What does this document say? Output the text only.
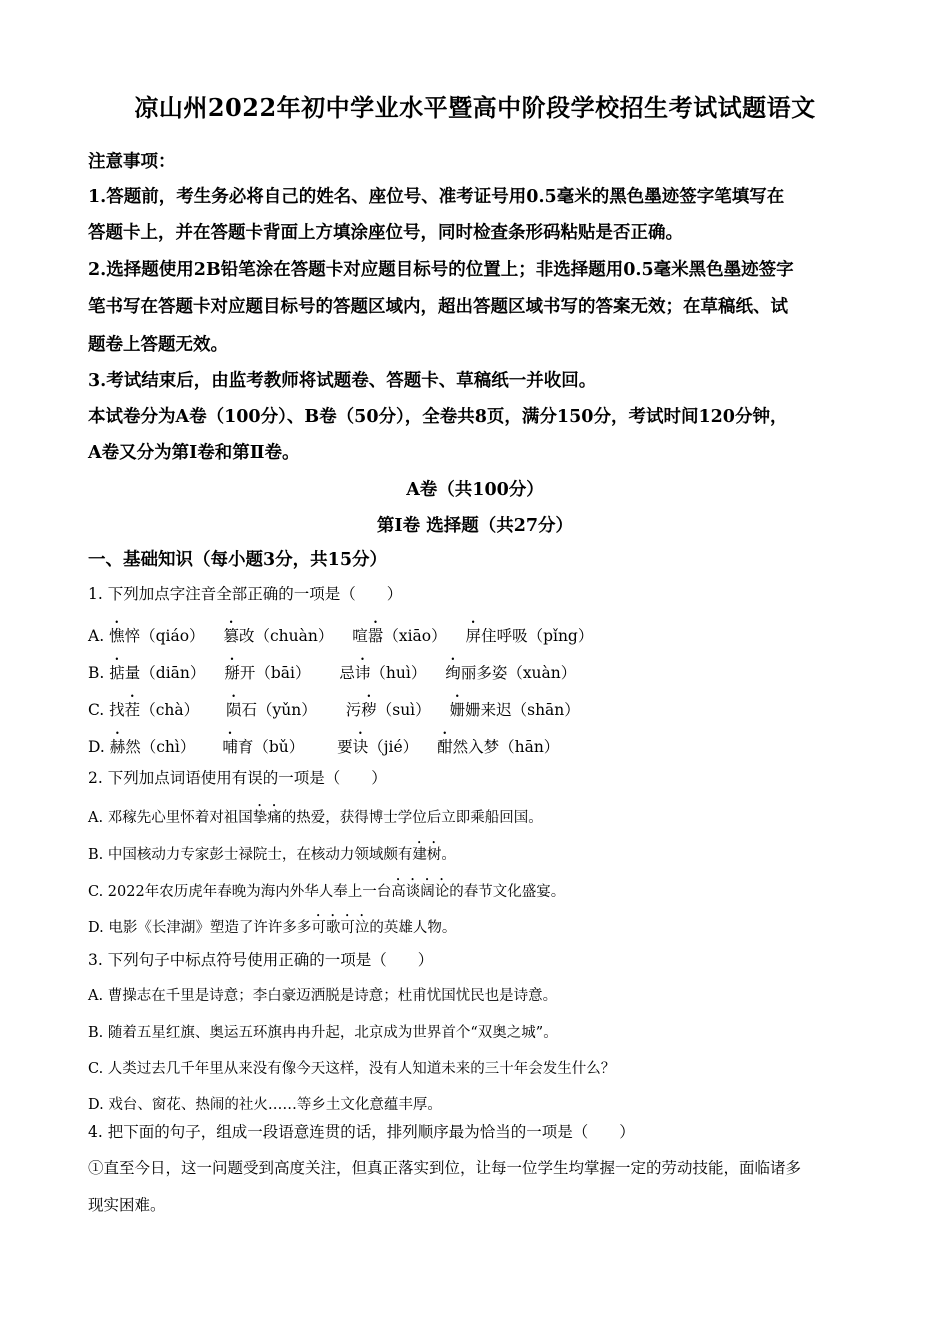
凉山州2022年初中学业水平暨高中阶段学校招生考试试题语文
注意事项：
1.答题前，考生务必将自己的姓名、座位号、准考证号用0.5毫米的黑色墨迹签字笔填写在
答题卡上，并在答题卡背面上方填涂座位号，同时检查条形码粘贴是否正确。
2.选择题使用2B铅笔涂在答题卡对应题目标号的位置上；非选择题用0.5毫米黑色墨迹签字
笔书写在答题卡对应题目标号的答题区域内，超出答题区域书写的答案无效；在草稿纸、试
题卷上答题无效。
3.考试结束后，由监考教师将试题卷、答题卡、草稿纸一并收回。
本试卷分为A卷（100分）、B卷（50分），全卷共8页，满分150分，考试时间120分钟，
A卷又分为第Ⅰ卷和第Ⅱ卷。
A卷（共100分）
第Ⅰ卷 选择题（共27分）
一、基础知识（每小题3分，共15分）
1. 下列加点字注音全部正确的一项是（　　）
A. 憔悴（qiáo） 篡改（chuàn） 喧嚣（xiāo） 屏住呼吸（pǐng）
B. 掂量（diān） 掰开（bāi） 忌讳（huì） 绚丽多姿（xuàn）
C. 找茬（chà） 陨石（yǔn） 污秽（suì） 姗姗来迟（shān）
D. 赫然（chì） 哺育（bǔ） 要诀（jié） 酣然入梦（hān）
2. 下列加点词语使用有误的一项是（　　）
A. 邓稼先心里怀着对祖国挚痛的热爱，获得博士学位后立即乘船回国。
B. 中国核动力专家彭士禄院士，在核动力领域颇有建树。
C. 2022年农历虎年春晚为海内外华人奉上一台高谈阔论的春节文化盛宴。
D. 电影《长津湖》塑造了许许多多可歌可泣的英雄人物。
3. 下列句子中标点符号使用正确的一项是（　　）
A. 曹操志在千里是诗意；李白豪迈洒脱是诗意；杜甫忧国忧民也是诗意。
B. 随着五星红旗、奥运五环旗冉冉升起，北京成为世界首个“双奥之城”。
C. 人类过去几千年里从来没有像今天这样，没有人知道未来的三十年会发生什么？
D. 戏台、窗花、热闹的社火……等乡土文化意蕴丰厚。
4. 把下面的句子，组成一段语意连贯的话，排列顺序最为恰当的一项是（　　）
①直至今日，这一问题受到高度关注，但真正落实到位，让每一位学生均掌握一定的劳动技能，面临诸多
现实困难。
